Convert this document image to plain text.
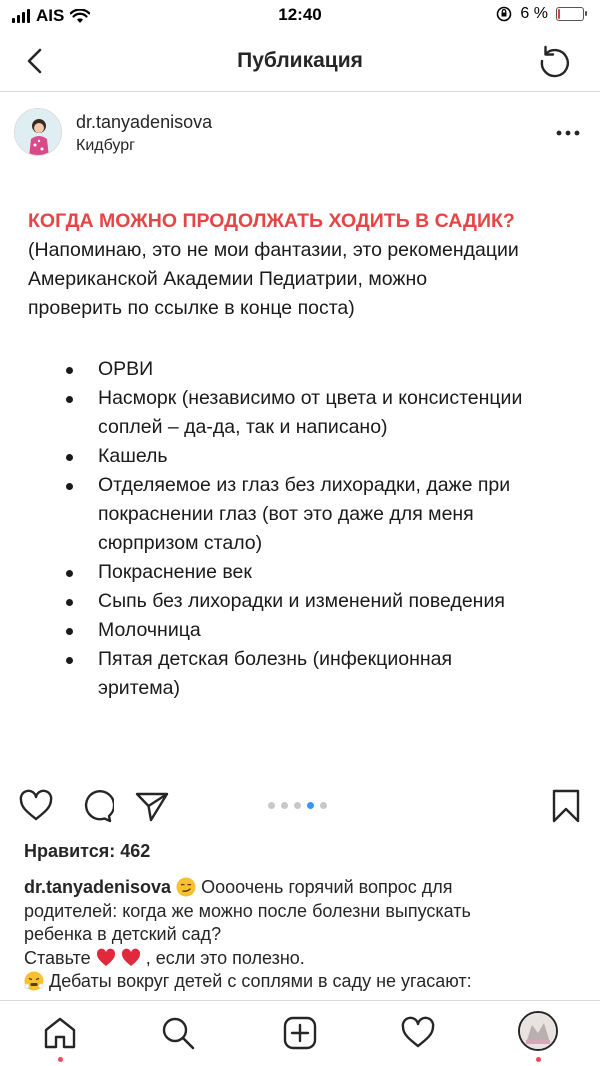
AIS	12:40	6 %
Публикация
dr.tanyadenisova
Кидбург
КОГДА МОЖНО ПРОДОЛЖАТЬ ХОДИТЬ В САДИК?
(Напоминаю, это не мои фантазии, это рекомендации
Американской Академии Педиатрии, можно
проверить по ссылке в конце поста)
ОРВИ
Насморк (независимо от цвета и консистенции
соплей – да-да, так и написано)
Кашель
Отделяемое из глаз без лихорадки, даже при
покраснении глаз (вот это даже для меня
сюрпризом стало)
Покраснение век
Сыпь без лихорадки и изменений поведения
Молочница
Пятая детская болезнь (инфекционная
эритема)
Нравится: 462
dr.tanyadenisova Оооочень горячий вопрос для
родителей: когда же можно после болезни выпускать
ребенка в детский сад?
Ставьте	, если это полезно.
Дебаты вокруг детей с соплями в саду не угасают:
